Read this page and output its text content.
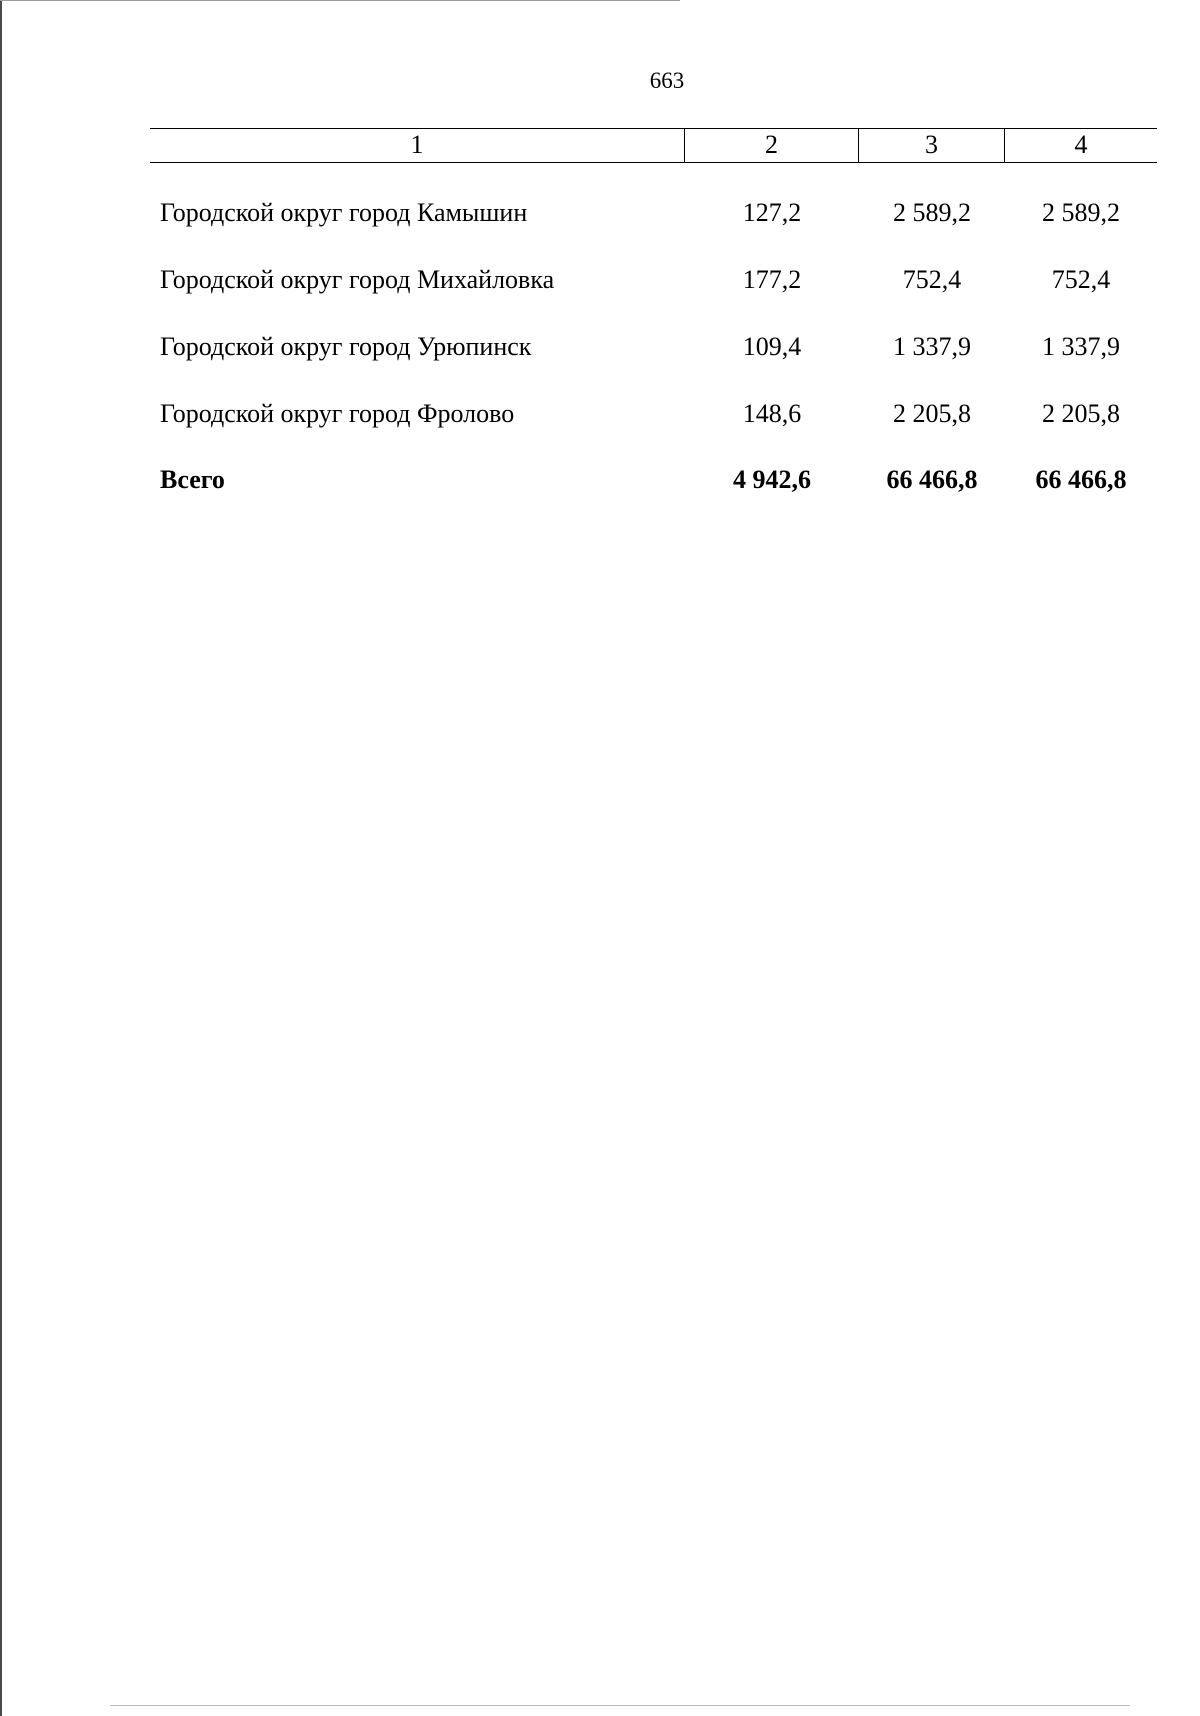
663
1	2	3	4
Городской округ город Камышин	127,2	2 589,2	2 589,2
Городской округ город Михайловка	177,2	752,4	752,4
Городской округ город Урюпинск	109,4	1 337,9	1 337,9
Городской округ город Фролово	148,6	2 205,8	2 205,8
Всего	4 942,6	66 466,8	66 466,8
